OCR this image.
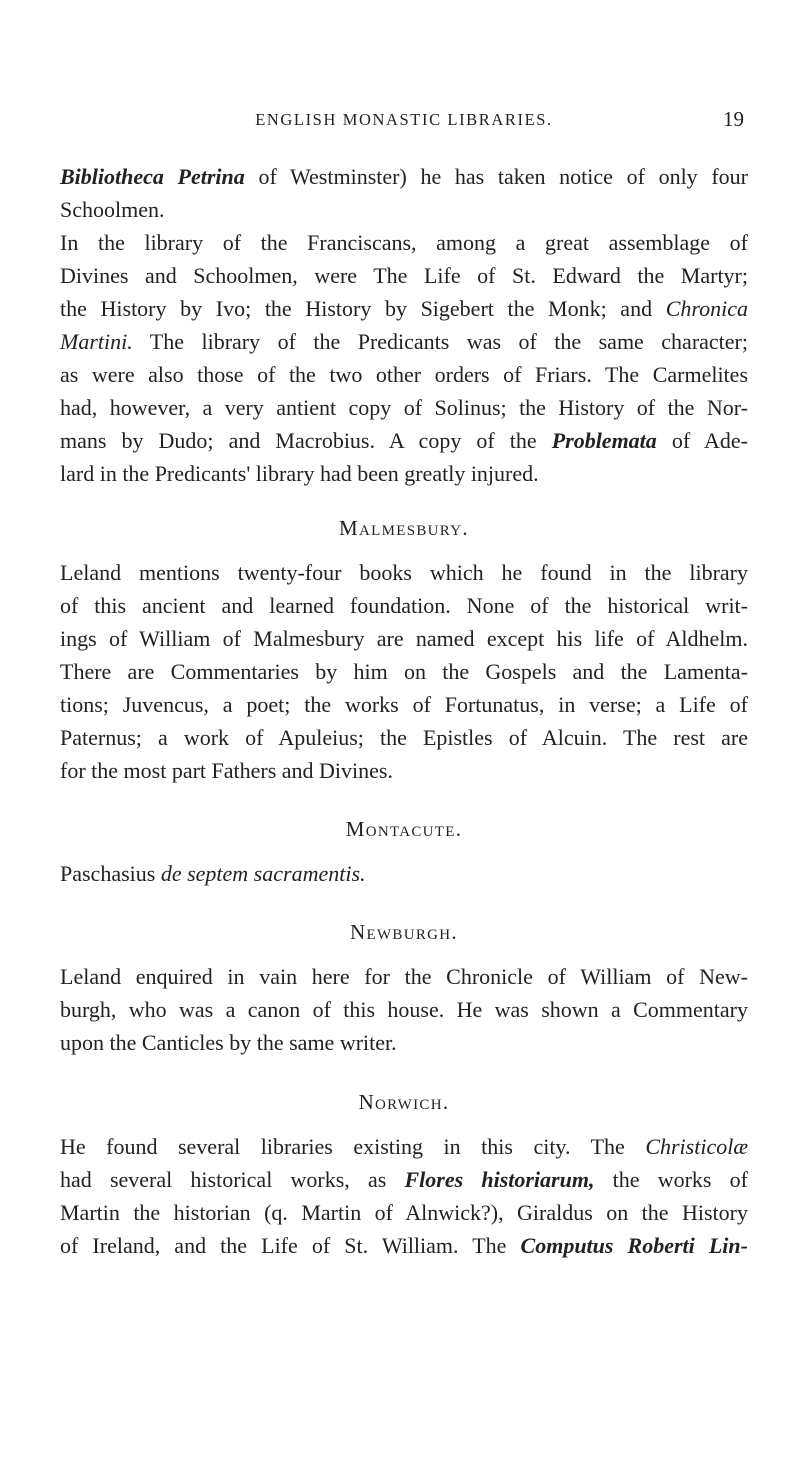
ENGLISH MONASTIC LIBRARIES.	19
Bibliotheca Petrina of Westminster) he has taken notice of only four
Schoolmen.
In the library of the Franciscans, among a great assemblage of
Divines and Schoolmen, were The Life of St. Edward the Martyr;
the History by Ivo; the History by Sigebert the Monk; and Chronica
Martini. The library of the Predicants was of the same character;
as were also those of the two other orders of Friars. The Carmelites
had, however, a very antient copy of Solinus; the History of the Nor-
mans by Dudo; and Macrobius. A copy of the Problemata of Ade-
lard in the Predicants' library had been greatly injured.
Malmesbury.
Leland mentions twenty-four books which he found in the library
of this ancient and learned foundation. None of the historical writ-
ings of William of Malmesbury are named except his life of Aldhelm.
There are Commentaries by him on the Gospels and the Lamenta-
tions; Juvencus, a poet; the works of Fortunatus, in verse; a Life of
Paternus; a work of Apuleius; the Epistles of Alcuin. The rest are
for the most part Fathers and Divines.
Montacute.
Paschasius de septem sacramentis.
Newburgh.
Leland enquired in vain here for the Chronicle of William of New-
burgh, who was a canon of this house. He was shown a Commentary
upon the Canticles by the same writer.
Norwich.
He found several libraries existing in this city. The Christicolæ
had several historical works, as Flores historiarum, the works of
Martin the historian (q. Martin of Alnwick?), Giraldus on the History
of Ireland, and the Life of St. William. The Computus Roberti Lin-
